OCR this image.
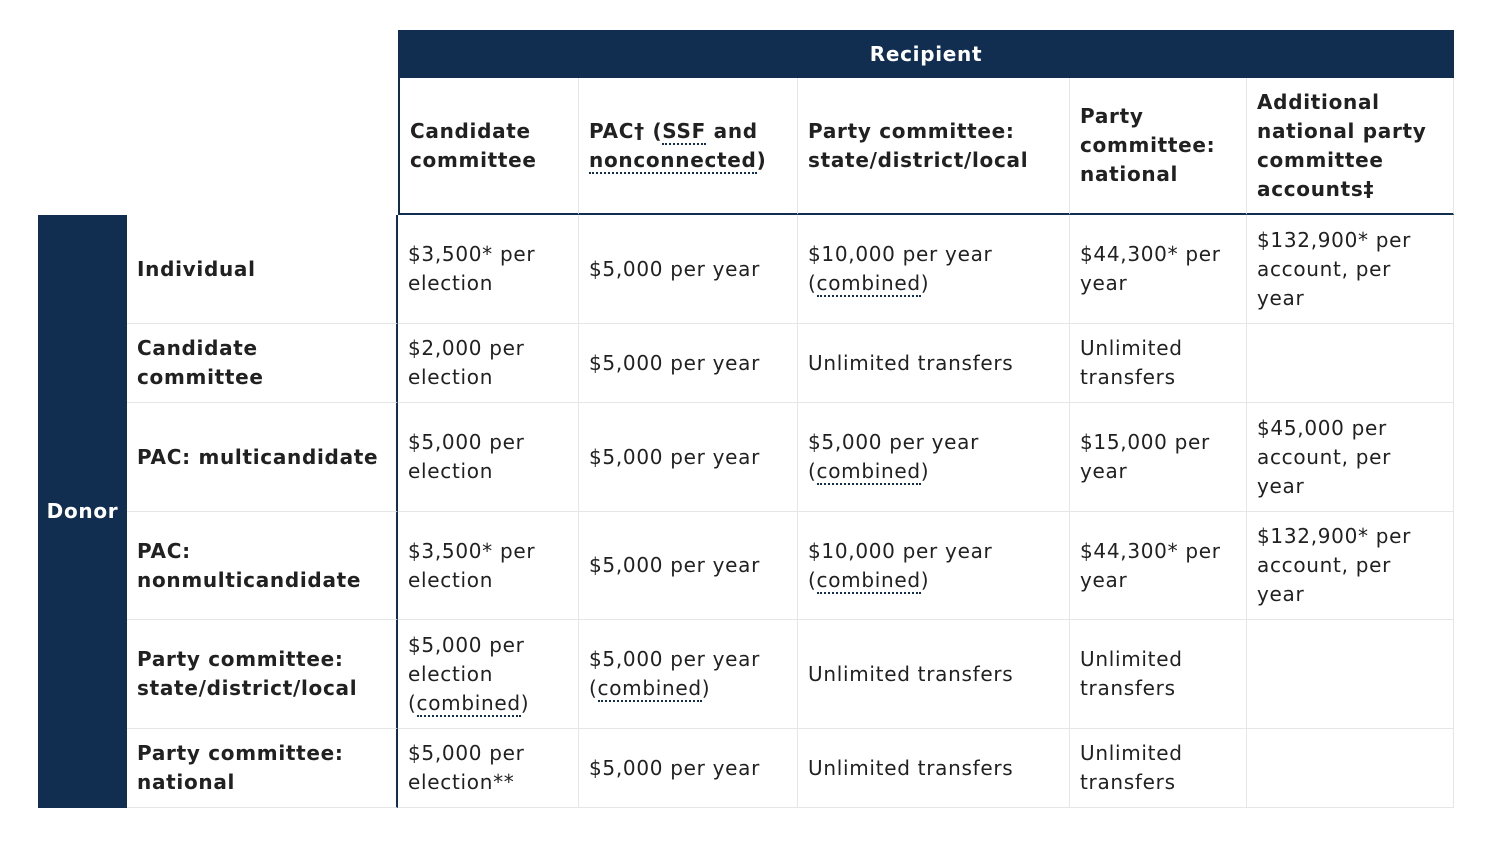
Recipient
Donor
Candidate committee
PAC† (SSF and nonconnected)
Party committee: state/district/local
Party committee: national
Additional national party committee accounts‡
Individual
$3,500* per election
$5,000 per year
$10,000 per year (combined)
$44,300* per year
$132,900* per account, per year
Candidate committee
$2,000 per election
$5,000 per year Unlimited transfers
Unlimited transfers
PAC: multicandidate
$5,000 per election
$5,000 per year
$5,000 per year (combined)
$15,000 per year
$45,000 per account, per year
PAC: nonmulticandidate
$3,500* per election
$5,000 per year
$10,000 per year (combined)
$44,300* per year
$132,900* per account, per year
Party committee: state/district/local
$5,000 per election (combined)
$5,000 per year (combined)
Unlimited transfers
Unlimited transfers
Party committee: national
$5,000 per election**
$5,000 per year Unlimited transfers
Unlimited transfers
